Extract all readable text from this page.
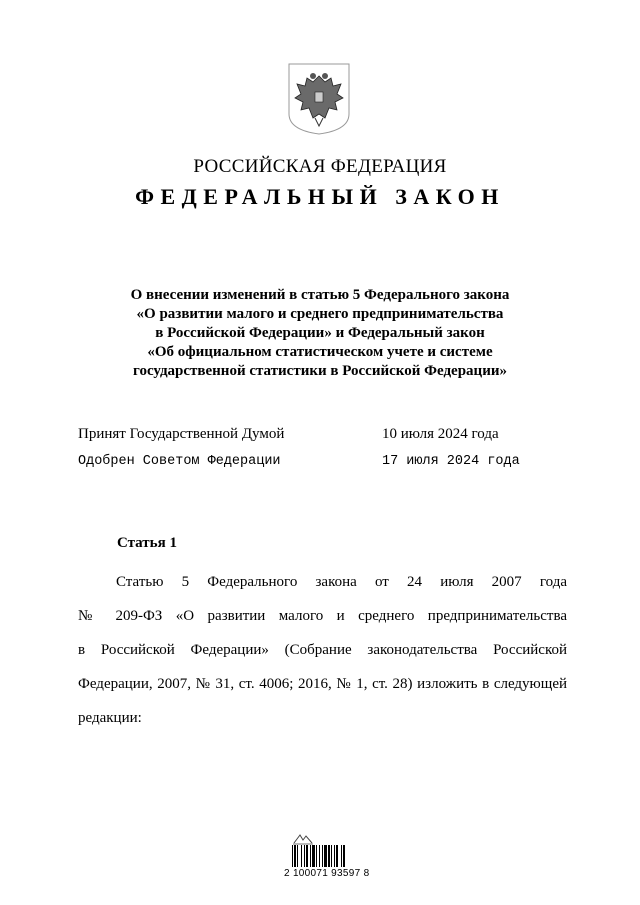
РОССИЙСКАЯ ФЕДЕРАЦИЯ
ФЕДЕРАЛЬНЫЙ ЗАКОН
О внесении изменений в статью 5 Федерального закона
«О развитии малого и среднего предпринимательства
в Российской Федерации» и Федеральный закон
«Об официальном статистическом учете и системе
государственной статистики в Российской Федерации»
Принят Государственной Думой	10 июля 2024 года
Одобрен Советом Федерации	17 июля 2024 года
Статья 1
Статью 5 Федерального закона от 24 июля 2007 года
№ 209-ФЗ «О развитии малого и среднего предпринимательства
в Российской Федерации» (Собрание законодательства Российской
Федерации, 2007, № 31, ст. 4006; 2016, № 1, ст. 28) изложить в следующей
редакции:
2 100071 93597 8
